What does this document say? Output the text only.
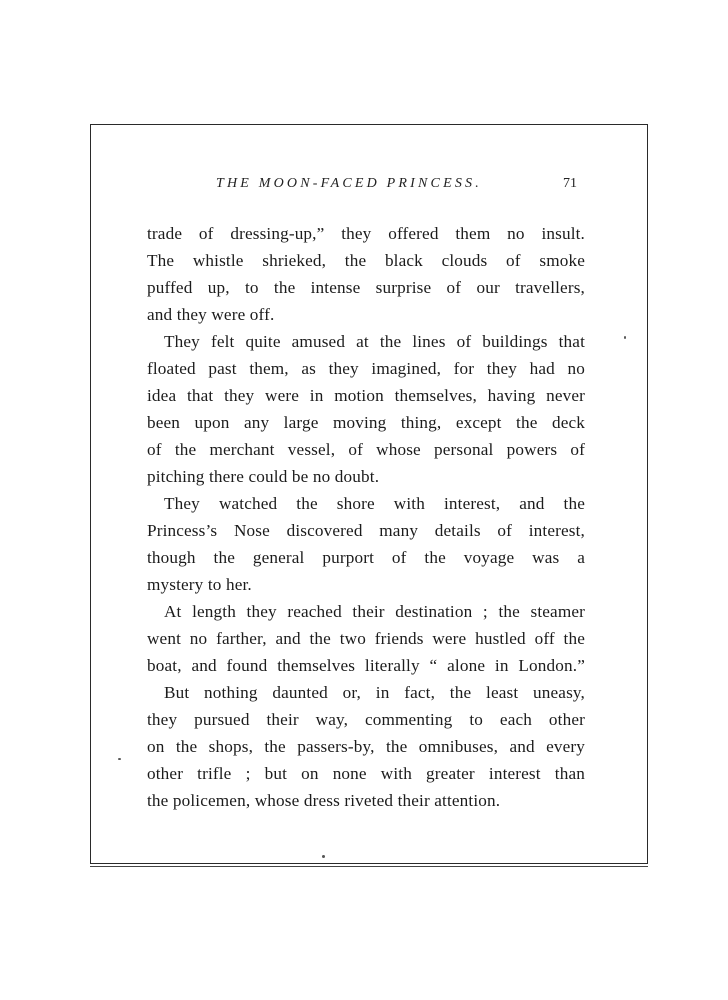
THE MOON-FACED PRINCESS.	71
trade of dressing-up,” they offered them no insult.
The whistle shrieked, the black clouds of smoke
puffed up, to the intense surprise of our travellers,
and they were off.
They felt quite amused at the lines of buildings that
floated past them, as they imagined, for they had no
idea that they were in motion themselves, having never
been upon any large moving thing, except the deck
of the merchant vessel, of whose personal powers of
pitching there could be no doubt.
They watched the shore with interest, and the
Princess’s Nose discovered many details of interest,
though the general purport of the voyage was a
mystery to her.
At length they reached their destination ; the steamer
went no farther, and the two friends were hustled off the
boat, and found themselves literally “ alone in London.”
But nothing daunted or, in fact, the least uneasy,
they pursued their way, commenting to each other
on the shops, the passers-by, the omnibuses, and every
other trifle ; but on none with greater interest than
the policemen, whose dress riveted their attention.
